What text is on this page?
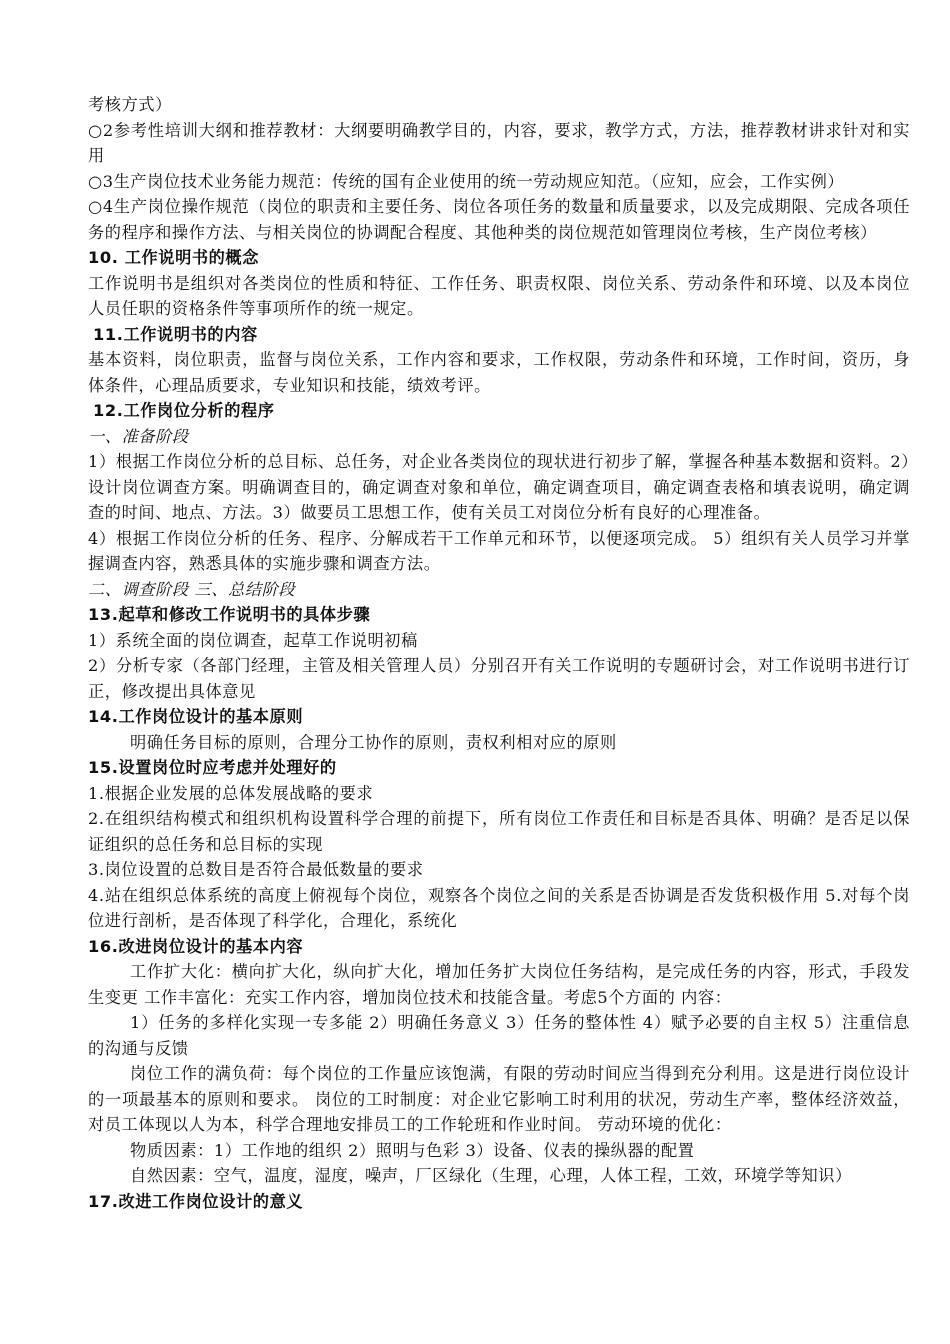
考核方式）

○2参考性培训大纲和推荐教材：大纲要明确教学目的，内容，要求，教学方式，方法，推荐教材讲求针对和实用

○3生产岗位技术业务能力规范：传统的国有企业使用的统一劳动规应知范。（应知，应会，工作实例）

○4生产岗位操作规范（岗位的职责和主要任务、岗位各项任务的数量和质量要求，以及完成期限、完成各项任务的程序和操作方法、与相关岗位的协调配合程度、其他种类的岗位规范如管理岗位考核，生产岗位考核）

10. 工作说明书的概念

工作说明书是组织对各类岗位的性质和特征、工作任务、职责权限、岗位关系、劳动条件和环境、以及本岗位人员任职的资格条件等事项所作的统一规定。

11.工作说明书的内容

基本资料，岗位职责，监督与岗位关系，工作内容和要求，工作权限，劳动条件和环境，工作时间，资历，身体条件，心理品质要求，专业知识和技能，绩效考评。

12.工作岗位分析的程序

一、准备阶段

1）根据工作岗位分析的总目标、总任务，对企业各类岗位的现状进行初步了解，掌握各种基本数据和资料。2）设计岗位调查方案。明确调查目的，确定调查对象和单位，确定调查项目，确定调查表格和填表说明，确定调查的时间、地点、方法。3）做要员工思想工作，使有关员工对岗位分析有良好的心理准备。

4）根据工作岗位分析的任务、程序、分解成若干工作单元和环节，以便逐项完成。 5）组织有关人员学习并掌握调查内容，熟悉具体的实施步骤和调查方法。

二、调查阶段 三、总结阶段

13.起草和修改工作说明书的具体步骤

1）系统全面的岗位调查，起草工作说明初稿

2）分析专家（各部门经理，主管及相关管理人员）分别召开有关工作说明的专题研讨会，对工作说明书进行订正，修改提出具体意见

14.工作岗位设计的基本原则

明确任务目标的原则，合理分工协作的原则，责权利相对应的原则

15.设置岗位时应考虑并处理好的

1.根据企业发展的总体发展战略的要求

2.在组织结构模式和组织机构设置科学合理的前提下，所有岗位工作责任和目标是否具体、明确？是否足以保证组织的总任务和总目标的实现

3.岗位设置的总数目是否符合最低数量的要求

4.站在组织总体系统的高度上俯视每个岗位，观察各个岗位之间的关系是否协调是否发货积极作用 5.对每个岗位进行剖析，是否体现了科学化，合理化，系统化

16.改进岗位设计的基本内容

工作扩大化：横向扩大化，纵向扩大化，增加任务扩大岗位任务结构，是完成任务的内容，形式，手段发生变更 工作丰富化：充实工作内容，增加岗位技术和技能含量。考虑5个方面的 内容：

1）任务的多样化实现一专多能 2）明确任务意义 3）任务的整体性 4）赋予必要的自主权 5）注重信息的沟通与反馈

岗位工作的满负荷：每个岗位的工作量应该饱满，有限的劳动时间应当得到充分利用。这是进行岗位设计的一项最基本的原则和要求。 岗位的工时制度：对企业它影响工时利用的状况，劳动生产率，整体经济效益，对员工体现以人为本，科学合理地安排员工的工作轮班和作业时间。 劳动环境的优化：

物质因素：1）工作地的组织 2）照明与色彩 3）设备、仪表的操纵器的配置

自然因素：空气，温度，湿度，噪声，厂区绿化（生理，心理，人体工程，工效，环境学等知识）

17.改进工作岗位设计的意义
